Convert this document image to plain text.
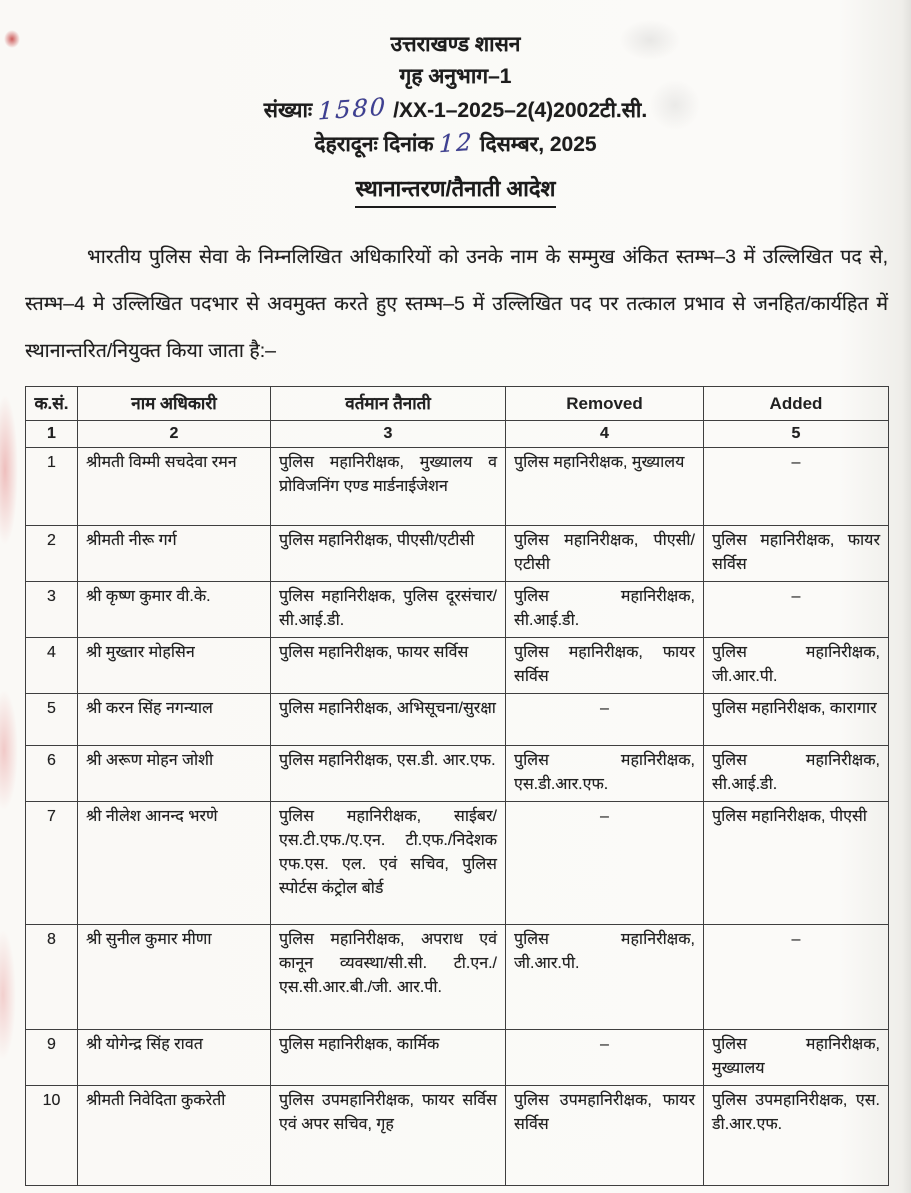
उत्तराखण्ड शासन
गृह अनुभाग–1
संख्याः 1580 /XX-1–2025–2(4)2002टी.सी.
देहरादूनः दिनांक 12 दिसम्बर, 2025
स्थानान्तरण/तैनाती आदेश
भारतीय पुलिस सेवा के निम्नलिखित अधिकारियों को उनके नाम के सम्मुख अंकित स्तम्भ–3 में उल्लिखित पद से, स्तम्भ–4 मे उल्लिखित पदभार से अवमुक्त करते हुए स्तम्भ–5 में उल्लिखित पद पर तत्काल प्रभाव से जनहित/कार्यहित में स्थानान्तरित/नियुक्त किया जाता है:–
क.सं.	नाम अधिकारी	वर्तमान तैनाती	Removed	Added
1	2	3	4	5
1	श्रीमती विम्मी सचदेवा रमन	पुलिस महानिरीक्षक, मुख्यालय व प्रोविजनिंग एण्ड मार्डनाईजेशन	पुलिस महानिरीक्षक, मुख्यालय	–
2	श्रीमती नीरू गर्ग	पुलिस महानिरीक्षक, पीएसी/एटीसी	पुलिस महानिरीक्षक, पीएसी/एटीसी	पुलिस महानिरीक्षक, फायर सर्विस
3	श्री कृष्ण कुमार वी.के.	पुलिस महानिरीक्षक, पुलिस दूरसंचार/सी.आई.डी.	पुलिस महानिरीक्षक, सी.आई.डी.	–
4	श्री मुख्तार मोहसिन	पुलिस महानिरीक्षक, फायर सर्विस	पुलिस महानिरीक्षक, फायर सर्विस	पुलिस महानिरीक्षक, जी.आर.पी.
5	श्री करन सिंह नगन्याल	पुलिस महानिरीक्षक, अभिसूचना/सुरक्षा	–	पुलिस महानिरीक्षक, कारागार
6	श्री अरूण मोहन जोशी	पुलिस महानिरीक्षक, एस.डी. आर.एफ.	पुलिस महानिरीक्षक, एस.डी.आर.एफ.	पुलिस महानिरीक्षक, सी.आई.डी.
7	श्री नीलेश आनन्द भरणे	पुलिस महानिरीक्षक, साईबर/एस.टी.एफ./ए.एन. टी.एफ./निदेशक एफ.एस. एल. एवं सचिव, पुलिस स्पोर्टस कंट्रोल बोर्ड	–	पुलिस महानिरीक्षक, पीएसी
8	श्री सुनील कुमार मीणा	पुलिस महानिरीक्षक, अपराध एवं कानून व्यवस्था/सी.सी. टी.एन./एस.सी.आर.बी./जी. आर.पी.	पुलिस महानिरीक्षक, जी.आर.पी.	–
9	श्री योगेन्द्र सिंह रावत	पुलिस महानिरीक्षक, कार्मिक	–	पुलिस महानिरीक्षक, मुख्यालय
10	श्रीमती निवेदिता कुकरेती	पुलिस उपमहानिरीक्षक, फायर सर्विस एवं अपर सचिव, गृह	पुलिस उपमहानिरीक्षक, फायर सर्विस	पुलिस उपमहानिरीक्षक, एस. डी.आर.एफ.
